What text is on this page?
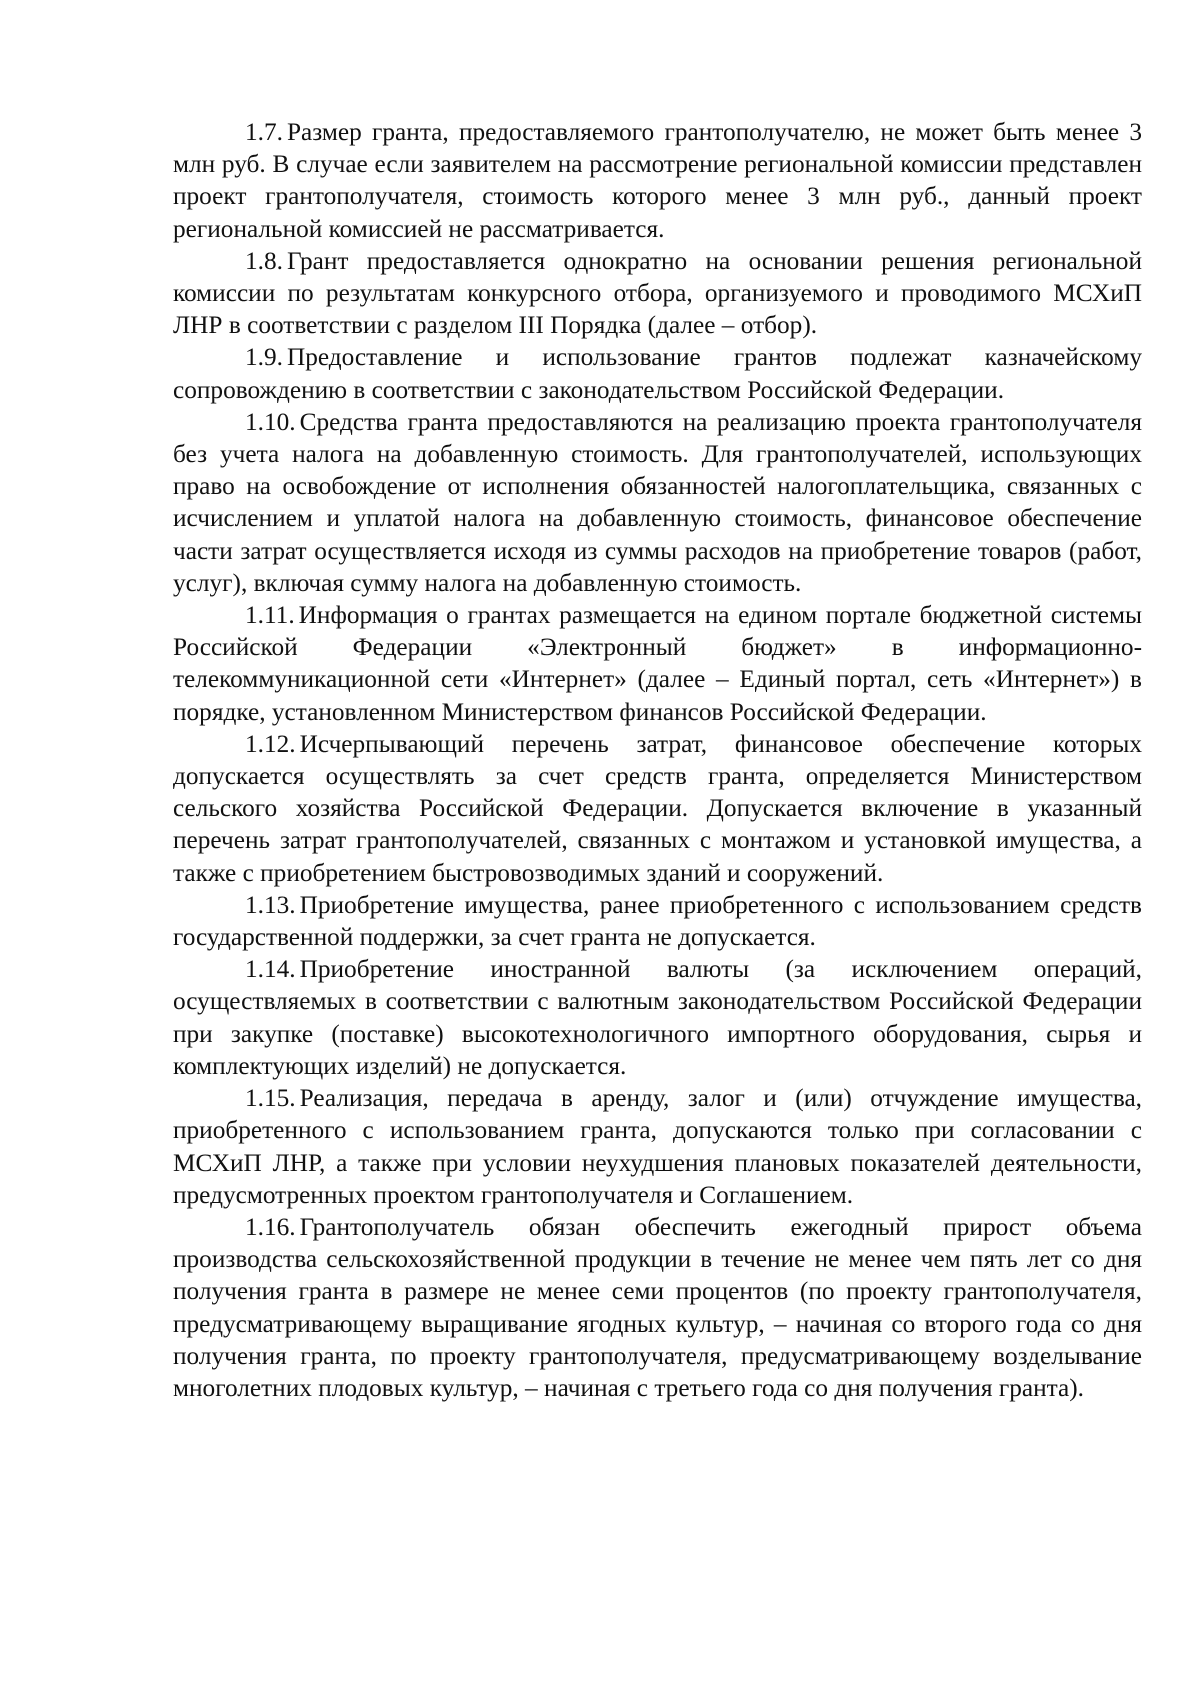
1.7. Размер гранта, предоставляемого грантополучателю, не может быть менее 3 млн руб. В случае если заявителем на рассмотрение региональной комиссии представлен проект грантополучателя, стоимость которого менее 3 млн руб., данный проект региональной комиссией не рассматривается.

1.8. Грант предоставляется однократно на основании решения региональной комиссии по результатам конкурсного отбора, организуемого и проводимого МСХиП ЛНР в соответствии с разделом III Порядка (далее – отбор).

1.9. Предоставление и использование грантов подлежат казначейскому сопровождению в соответствии с законодательством Российской Федерации.

1.10. Средства гранта предоставляются на реализацию проекта грантополучателя без учета налога на добавленную стоимость. Для грантополучателей, использующих право на освобождение от исполнения обязанностей налогоплательщика, связанных с исчислением и уплатой налога на добавленную стоимость, финансовое обеспечение части затрат осуществляется исходя из суммы расходов на приобретение товаров (работ, услуг), включая сумму налога на добавленную стоимость.

1.11. Информация о грантах размещается на едином портале бюджетной системы Российской Федерации «Электронный бюджет» в информационно-телекоммуникационной сети «Интернет» (далее – Единый портал, сеть «Интернет») в порядке, установленном Министерством финансов Российской Федерации.

1.12. Исчерпывающий перечень затрат, финансовое обеспечение которых допускается осуществлять за счет средств гранта, определяется Министерством сельского хозяйства Российской Федерации. Допускается включение в указанный перечень затрат грантополучателей, связанных с монтажом и установкой имущества, а также с приобретением быстровозводимых зданий и сооружений.

1.13. Приобретение имущества, ранее приобретенного с использованием средств государственной поддержки, за счет гранта не допускается.

1.14. Приобретение иностранной валюты (за исключением операций, осуществляемых в соответствии с валютным законодательством Российской Федерации при закупке (поставке) высокотехнологичного импортного оборудования, сырья и комплектующих изделий) не допускается.

1.15. Реализация, передача в аренду, залог и (или) отчуждение имущества, приобретенного с использованием гранта, допускаются только при согласовании с МСХиП ЛНР, а также при условии неухудшения плановых показателей деятельности, предусмотренных проектом грантополучателя и Соглашением.

1.16. Грантополучатель обязан обеспечить ежегодный прирост объема производства сельскохозяйственной продукции в течение не менее чем пять лет со дня получения гранта в размере не менее семи процентов (по проекту грантополучателя, предусматривающему выращивание ягодных культур, – начиная со второго года со дня получения гранта, по проекту грантополучателя, предусматривающему возделывание многолетних плодовых культур, – начиная с третьего года со дня получения гранта).
